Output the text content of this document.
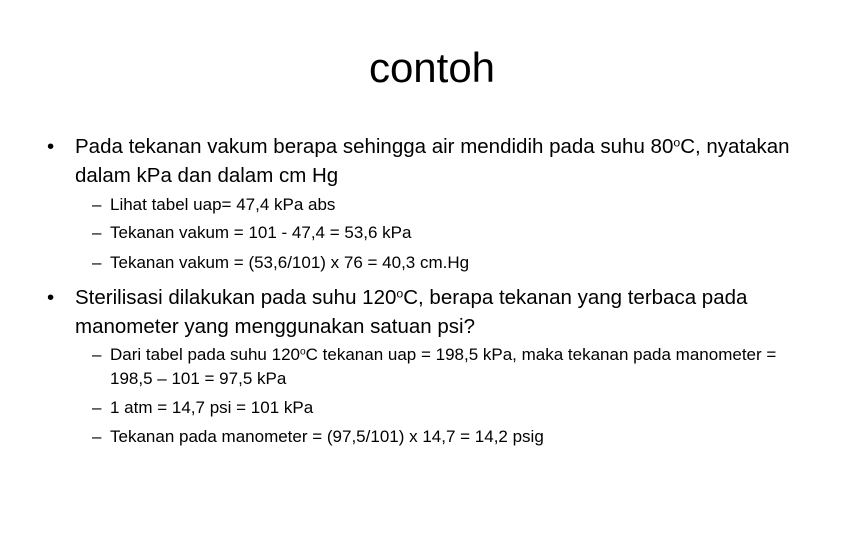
contoh
•	Pada tekanan vakum berapa sehingga air mendidih pada suhu 80$^o$C, nyatakan dalam kPa dan dalam cm Hg
– Lihat tabel uap= 47,4 kPa abs
– Tekanan vakum = 101 - 47,4 = 53,6 kPa
– Tekanan vakum = (53,6/101) x 76 = 40,3 cm.Hg
•	Sterilisasi dilakukan pada suhu 120$^o$C, berapa tekanan yang terbaca pada manometer yang menggunakan satuan psi?
– Dari tabel pada suhu 120$^o$C tekanan uap = 198,5 kPa, maka tekanan pada manometer = 198,5 – 101 = 97,5 kPa
– 1 atm = 14,7 psi = 101 kPa
– Tekanan pada manometer = (97,5/101) x 14,7 = 14,2 psig
